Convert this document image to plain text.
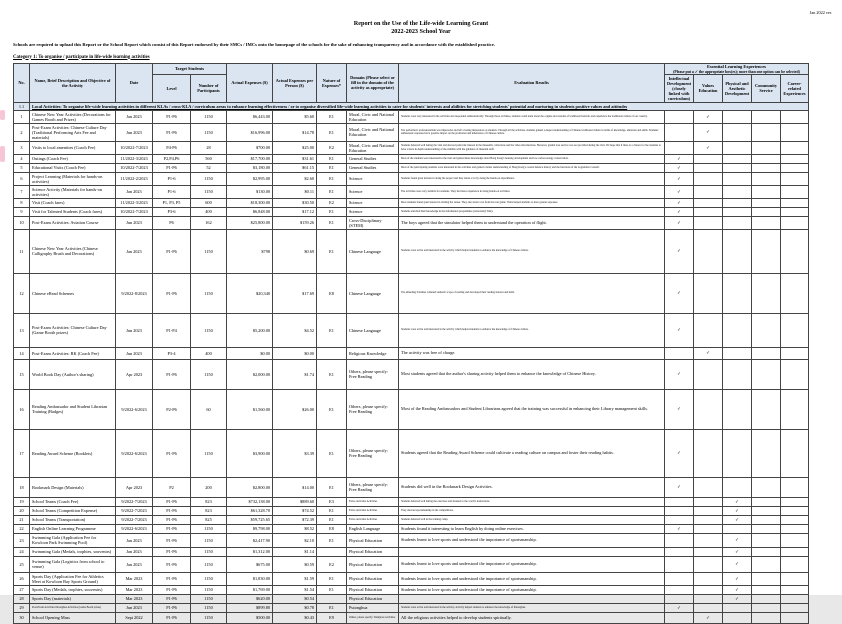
Jan 2022 ver.
Report on the Use of the Life-wide Learning Grant
2022-2023 School Year
Schools are required to upload this Report or the School Report which consist of this Report endorsed by their SMCs / IMCs onto the homepage of the schools for the sake of enhancing transparency and in accordance with the established practice.
Category 1: To organise / participate in life-wide learning activities
No.	Name, Brief Description and Objective of the Activity	Date	Target Students		Actual Expenses ($)	Actual Expenses per Person ($)	Nature of Expenses*	Domain (Please select or fill in the domain of the activity as appropriate)	Evaluation Results	Essential Learning Experiences
(Please put a ✓ the appropriate box(es); more than one option can be selected)				

			Level	Number of Participants						Intellectual Development (closely linked with curriculum)	Values Education	Physical and Aesthetic Development	Community Service	Career-related Experiences
1.1	Local Activities: To organise life-wide learning activities in different KLAs / cross-KLA / curriculum areas to enhance learning effectiveness / or to organise diversified life-wide learning activities to cater for students' interests and abilities for stretching students' potential and nurturing in students positive values and attitudes													
1	Chinese New Year Activities (Decorations for Games Booth and Prizes)	Jan 2023	P1-P6	1150	$6,443.00	$5.60	E1	Moral, Civic and National Education	Students were very interested in the activities and responded enthusiastically. Through these activities, students could learn about the origins and customs of traditional festivals and experience the traditional culture of our country.		✓			
2	Post-Exam Activities: Chinese Culture Day (Traditional Performing Arts Fee and materials)	Jun 2023	P1-P6	1150	$16,996.00	$14.78	E1	Moral, Civic and National Education	The performers' professionalism was impressive and left a lasting impression on students. Through all the activities, students gained a deeper understanding of Chinese traditional culture in terms of knowledge, emotions and skills. Students' enthusiastic response had a positive impact on the promotion and inheritance of Chinese culture.		✓			
3	Visits to local amenities (Coach Fee)	10/2022-7/2023	P4-P6	28	$700.00	$25.00	E2	Moral, Civic and National Education	Students behaved well during the visit and showed particular interest in the museum's collections and the video introductions. However, guided tour service was not provided during the visit. We hope that if there is a chance for the students to have a more in-depth understanding of the exhibits with the guidance of museum staff.		✓			
4	Outings (Coach Fee)	11/2022-3/2023	P2,P4,P6	560	$17,700.00	$31.61	E1	General Studies	Most of the students were interested in the visit and gained more knowledge about Hong Kong's housing development and low-carbon energy conservation.	✓				
5	Educational Visits (Coach Fee)	10/2022-7/2023	P1-P6	52	$3,180.00	$61.15	E1	General Studies	Most of the participating students were interested in the activities and gained a better understanding of Hong Kong's coastal defence history and the functions of the Legislative Council.	✓				
6	Project Learning (Materials for hands-on activities)	11/2022-2/2023	P1-6	1150	$2,995.00	$2.60	E1	Science	Students found great interest in doing the project and they learnt a lot by doing the hands-on experiments.	✓				
7	Science Activity (Materials for hands-on activities)	Jan 2023	P1-6	1150	$130.00	$0.11	E1	Science	The activities were very suitable for students. They had more experience in doing hands-on activities.	✓				
8	Visit (Coach fares)	11/2022-3/2023	P1, P3, P5	600	$18,300.00	$30.50	E2	Science	Most students found great interest in visiting the venue. They also learnt a lot from the tour guide. Visits helped students to have greater exposure.	✓				
9	Visit for Talented Students (Coach fares)	10/2022-7/2023	P3-6	400	$6,848.00	$17.12	E1	Science	Students enriched their knowledge in the information programmes (Astronomy Talk).	✓				
10	Post-Exam Activities: Aviation Course	Jun 2023	P6	162	$25,800.00	$159.26	E1	Cross-Disciplinary (STEM)	The boys agreed that the simulator helped them to understand the operation of flight.	✓				
11	Chinese New Year Activities (Chinese Calligraphy Brush and Decorations)	Jan 2023	P1-P6	1150	$798	$0.69	E1	Chinese Language	Students were active and interested in the activity which helped students to enhance the knowledge of Chinese culture.	✓				
12	Chinese eRead Schemes	9/2022-8/2023	P1-P6	1150	$20,340	$17.69	E8	Chinese Language	The eReading Schemes widened students' scope of reading and developed their reading interest and habit.	✓				
13	Post-Exam Activities: Chinese Culture Day (Game Booth prizes)	Jun 2023	P1-P4	1150	$5,200.00	$4.52	E1	Chinese Language	Students were active and interested in the activity which helped students to enhance the knowledge of Chinese culture.	✓				
14	Post-Exam Activities: RK (Coach Fee)	Jun 2023	P3-4	400	$0.00	$0.00		Religious Knowledge	The activity was free of charge.		✓			
15	World Book Day (Author's sharing)	Apr 2023	P1-P6	1150	$2,000.00	$1.74	E1	Others, please specify: Free Reading	Most students agreed that the author's sharing activity helped them to enhance the knowledge of Chinese History.	✓				
16	Reading Ambassador and Student Librarian Training (Badges)	9/2022-6/2023	P2-P6	60	$1,560.00	$26.00	E1	Others, please specify: Free Reading	Most of the Reading Ambassadors and Student Librarians agreed that the training was successful in enhancing their Library management skills.	✓				
17	Reading Award Scheme (Booklets)	9/2022-6/2023	P1-P6	1150	$3,900.00	$3.39	E1	Others, please specify: Free Reading	Students agreed that the Reading Award Scheme could cultivate a reading culture on campus and foster their reading habits.	✓				
18	Bookmark Design (Materials)	Apr 2023	P2	200	$2,800.00	$14.00	E1	Others, please specify: Free Reading	Students did well in the Bookmark Design Activities.	✓				
19	School Teams (Coach Fee)	9/2022-7/2023	P1-P6	823	$732,138.00	$889.60	E3	Extra-curricular Activities	Students behaved well during the exercises and listened to the coach's instructions.			✓		
20	School Teams (Competition Expense)	9/2022-7/2023	P1-P6	823	$61,328.70	$74.52	E1	Extra-curricular Activities	They showed sportsmanship in the competitions.			✓		
21	School Teams (Transportation)	9/2022-7/2023	P1-P6	825	$59,725.65	$72.39	E1	Extra-curricular Activities	Students behaved well in the training camp.			✓		
22	English Online Learning Programme	9/2022-6/2023	P1-P6	1150	$9,798.00	$8.52	E8	English Language	Students found it interesting to learn English by doing online exercises.	✓				
23	Swimming Gala (Application Fee for Kowloon Park Swimming Pool)	Jan 2023	P1-P6	1150	$2,417.90	$2.10	E1	Physical Education	Students learnt to love sports and understood the importance of sportsmanship.			✓		
24	Swimming Gala (Medals, trophies, souvenirs)	Jan 2023	P1-P6	1150	$1,312.00	$1.14		Physical Education				✓		
25	Swimming Gala (Logistics from school to venue)	Jan 2023	P1-P6	1150	$675.00	$0.59	E2	Physical Education	Students learnt to love sports and understood the importance of sportsmanship.			✓		
26	Sports Day (Application Fee for Athletics Meet at Kowloon Bay Sports Ground)	Mar 2023	P1-P6	1150	$1,830.00	$1.59	E1	Physical Education	Students learnt to love sports and understood the importance of sportsmanship.			✓		
27	Sports Day (Medals, trophies, souvenirs)	Mar 2023	P1-P6	1150	$1,769.00	$1.54	E1	Physical Education	Students learnt to love sports and understood the importance of sportsmanship.			✓		
28	Sports Day (materials)	Mar 2023	P1-P6	1150	$620.00	$0.54		Physical Education				✓		
29	Post-Exam Activities Putonghua Activities (Game Booth prizes)	Jun 2023	P1-P6	1150	$899.80	$0.78	E1	Putonghua	Students were active and interested in the activity. Activity helped students to enhance the knowledge of Putonghua.	✓				
30	School Opening Mass	Sept 2022	P1-P6	1150	$500.00	$0.43	E9	Others, please specify: Religious Activities	All the religious activities helped to develop students spiritually.		✓			
